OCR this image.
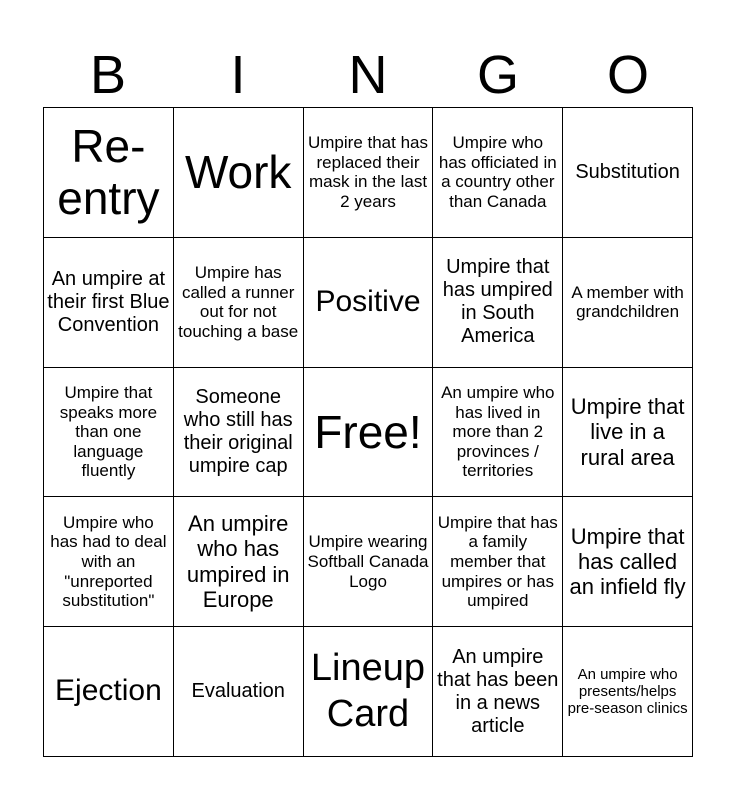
B	I	N	G	O
Re-entry
Work
Umpire that has replaced their mask in the last 2 years
Umpire who has officiated in a country other than Canada
Substitution
An umpire at their first Blue Convention
Umpire has called a runner out for not touching a base
Positive
Umpire that has umpired in South America
A member with grandchildren
Umpire that speaks more than one language fluently
Someone who still has their original umpire cap
Free!
An umpire who has lived in more than 2 provinces / territories
Umpire that live in a rural area
Umpire who has had to deal with an "unreported substitution"
An umpire who has umpired in Europe
Umpire wearing Softball Canada Logo
Umpire that has a family member that umpires or has umpired
Umpire that has called an infield fly
Ejection	Evaluation
Lineup Card
An umpire that has been in a news article
An umpire who presents/helps pre-season clinics
